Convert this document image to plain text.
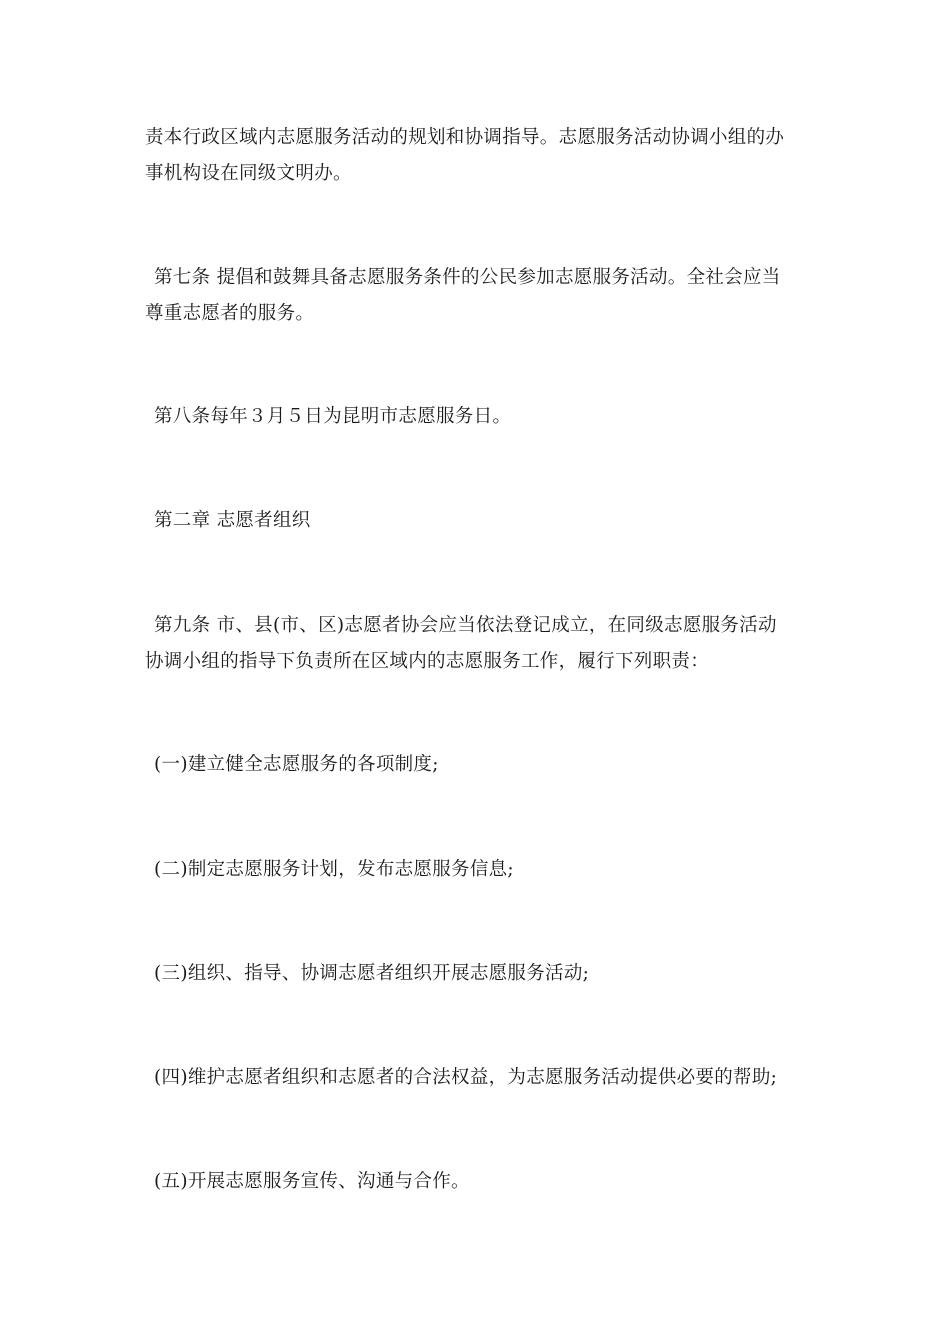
责本行政区域内志愿服务活动的规划和协调指导。志愿服务活动协调小组的办
事机构设在同级文明办。

第七条 提倡和鼓舞具备志愿服务条件的公民参加志愿服务活动。全社会应当
尊重志愿者的服务。

第八条每年３月５日为昆明市志愿服务日。

第二章 志愿者组织

第九条 市、县(市、区)志愿者协会应当依法登记成立，在同级志愿服务活动
协调小组的指导下负责所在区域内的志愿服务工作，履行下列职责：

(一)建立健全志愿服务的各项制度;

(二)制定志愿服务计划，发布志愿服务信息;

(三)组织、指导、协调志愿者组织开展志愿服务活动;

(四)维护志愿者组织和志愿者的合法权益，为志愿服务活动提供必要的帮助;

(五)开展志愿服务宣传、沟通与合作。
